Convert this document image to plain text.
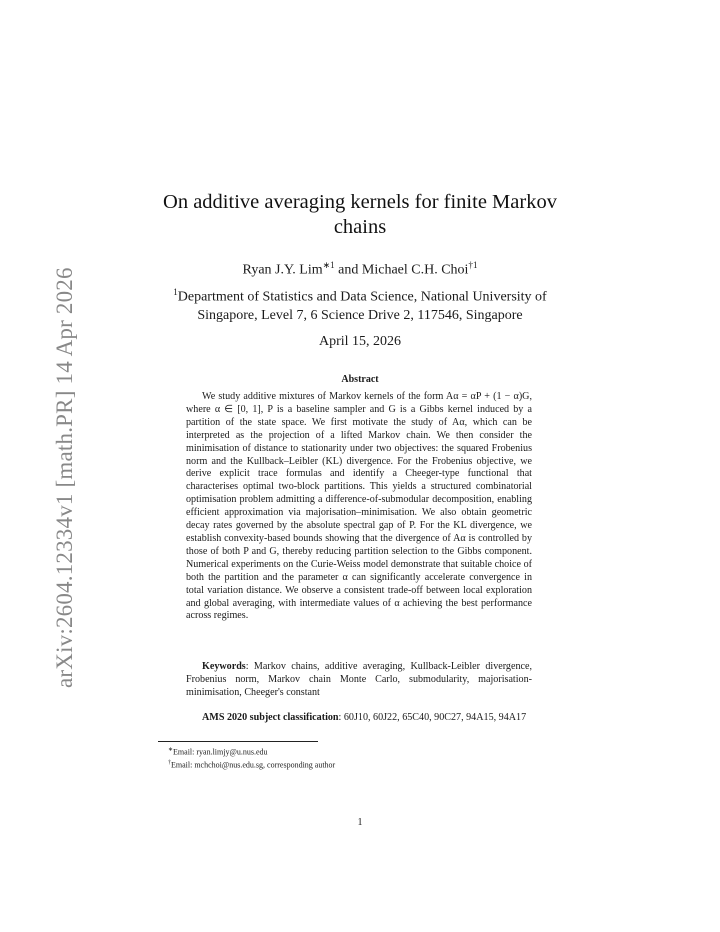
arXiv:2604.12334v1 [math.PR] 14 Apr 2026
On additive averaging kernels for finite Markov
chains
Ryan J.Y. Lim$^{∗1}$ and Michael C.H. Choi$^{\dagger 1}$
$^1$Department of Statistics and Data Science, National University of
Singapore, Level 7, 6 Science Drive 2, 117546, Singapore
April 15, 2026
Abstract
We study additive mixtures of Markov kernels of the form Aα = αP + (1 − α)G, where α ∈ [0, 1], P is a baseline sampler and G is a Gibbs kernel induced by a partition of the state space. We first motivate the study of Aα, which can be interpreted as the projection of a lifted Markov chain. We then consider the minimisation of distance to stationarity under two objectives: the squared Frobenius norm and the Kullback–Leibler (KL) divergence. For the Frobenius objective, we derive explicit trace formulas and identify a Cheeger-type functional that characterises optimal two-block partitions. This yields a structured combinatorial optimisation problem admitting a difference-of-submodular decomposition, enabling efficient approximation via majorisation–minimisation. We also obtain geometric decay rates governed by the absolute spectral gap of P. For the KL divergence, we establish convexity-based bounds showing that the divergence of Aα is controlled by those of both P and G, thereby reducing partition selection to the Gibbs component. Numerical experiments on the Curie-Weiss model demonstrate that suitable choice of both the partition and the parameter α can significantly accelerate convergence in total variation distance. We observe a consistent trade-off between local exploration and global averaging, with intermediate values of α achieving the best performance across regimes.
Keywords: Markov chains, additive averaging, Kullback-Leibler divergence, Frobenius norm, Markov chain Monte Carlo, submodularity, majorisation-minimisation, Cheeger's constant
AMS 2020 subject classification: 60J10, 60J22, 65C40, 90C27, 94A15, 94A17
∗Email: ryan.limjy@u.nus.edu
†Email: mchchoi@nus.edu.sg, corresponding author
1
